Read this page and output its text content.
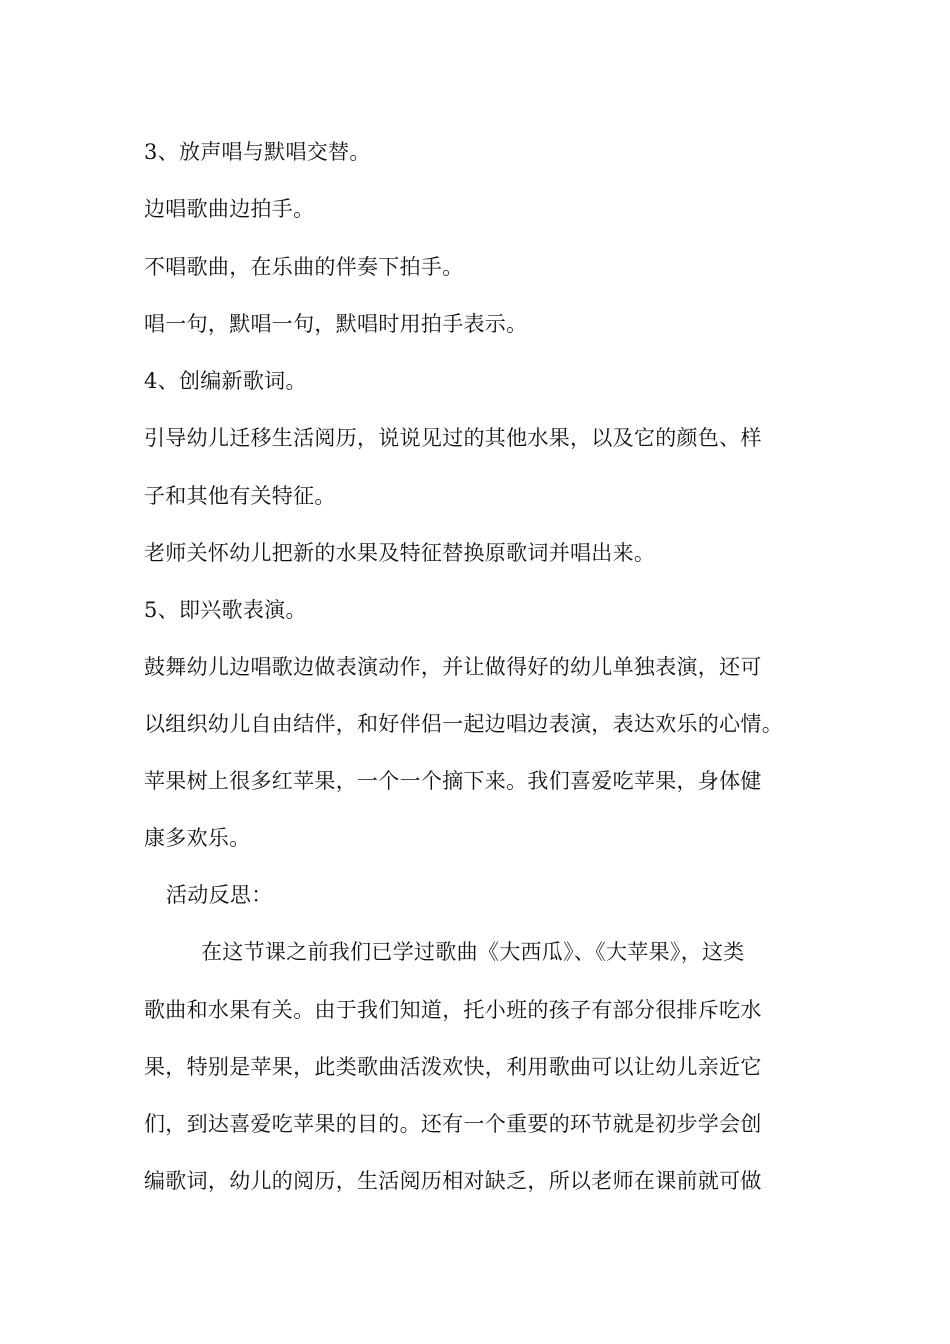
3、放声唱与默唱交替。
边唱歌曲边拍手。
不唱歌曲，在乐曲的伴奏下拍手。
唱一句，默唱一句，默唱时用拍手表示。
4、创编新歌词。
引导幼儿迁移生活阅历，说说见过的其他水果，以及它的颜色、样
子和其他有关特征。
老师关怀幼儿把新的水果及特征替换原歌词并唱出来。
5、即兴歌表演。
鼓舞幼儿边唱歌边做表演动作，并让做得好的幼儿单独表演，还可
以组织幼儿自由结伴，和好伴侣一起边唱边表演，表达欢乐的心情。
苹果树上很多红苹果，一个一个摘下来。我们喜爱吃苹果，身体健
康多欢乐。
活动反思：
在这节课之前我们已学过歌曲《大西瓜》、《大苹果》，这类
歌曲和水果有关。由于我们知道，托小班的孩子有部分很排斥吃水
果，特别是苹果，此类歌曲活泼欢快，利用歌曲可以让幼儿亲近它
们，到达喜爱吃苹果的目的。还有一个重要的环节就是初步学会创
编歌词，幼儿的阅历，生活阅历相对缺乏，所以老师在课前就可做
